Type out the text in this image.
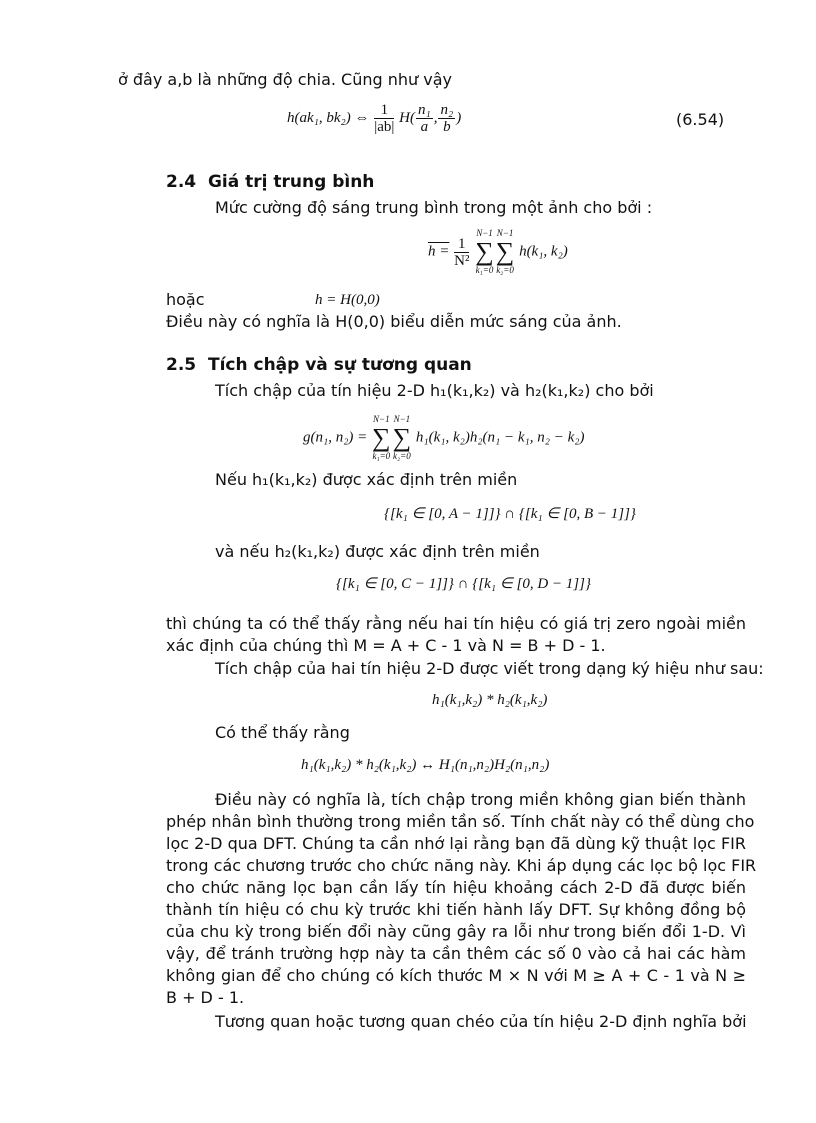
ở đây a,b là những độ chia. Cũng như vậy
h(ak₁, bk₂) ⇔ $\frac{1}{|ab|} H( \frac{\text{n₁}}{a}$ , $\frac{\text{n₂}}{b}$ )	(6.54)
2.4 Giá trị trung bình
Mức cường độ sáng trung bình trong một ảnh cho bởi :
$h = \frac{1}{\text{N²}}$

N−1
∑
k₁=0
N−1
∑
k₂=0
h(k₁, k₂)
hoặc	h = H(0,0)
Điều này có nghĩa là H(0,0) biểu diễn mức sáng của ảnh.
2.5 Tích chập và sự tương quan
Tích chập của tín hiệu 2-D h₁(k₁,k₂) và h₂(k₁,k₂) cho bởi
g(n₁, n₂) =
N−1
∑
k₁=0
N−1
∑
k₂=0
h₁(k₁, k₂)h₂(n₁ − k₁, n₂ − k₂)
Nếu h₁(k₁,k₂) được xác định trên miền
{[k₁ ∈ [0, A − 1]]} ∩ {[k₁ ∈ [0, B − 1]]}
và nếu h₂(k₁,k₂) được xác định trên miền
{[k₁ ∈ [0, C − 1]]} ∩ {[k₁ ∈ [0, D − 1]]}
thì chúng ta có thể thấy rằng nếu hai tín hiệu có giá trị zero ngoài miền
xác định của chúng thì M = A + C - 1 và N = B + D - 1.
Tích chập của hai tín hiệu 2-D được viết trong dạng ký hiệu như sau:
h₁(k₁,k₂) * h₂(k₁,k₂)
Có thể thấy rằng
h₁(k₁,k₂) * h₂(k₁,k₂) ↔ H₁(n₁,n₂)H₂(n₁,n₂)
Điều này có nghĩa là, tích chập trong miền không gian biến thành
phép nhân bình thường trong miền tần số. Tính chất này có thể dùng cho
lọc 2-D qua DFT. Chúng ta cần nhớ lại rằng bạn đã dùng kỹ thuật lọc FIR
trong các chương trước cho chức năng này. Khi áp dụng các lọc bộ lọc FIR
cho chức năng lọc bạn cần lấy tín hiệu khoảng cách 2-D đã được biến
thành tín hiệu có chu kỳ trước khi tiến hành lấy DFT. Sự không đồng bộ
của chu kỳ trong biến đổi này cũng gây ra lỗi như trong biến đổi 1-D. Vì
vậy, để tránh trường hợp này ta cần thêm các số 0 vào cả hai các hàm
không gian để cho chúng có kích thước M × N với M ≥ A + C - 1 và N ≥
B + D - 1.
Tương quan hoặc tương quan chéo của tín hiệu 2-D định nghĩa bởi
